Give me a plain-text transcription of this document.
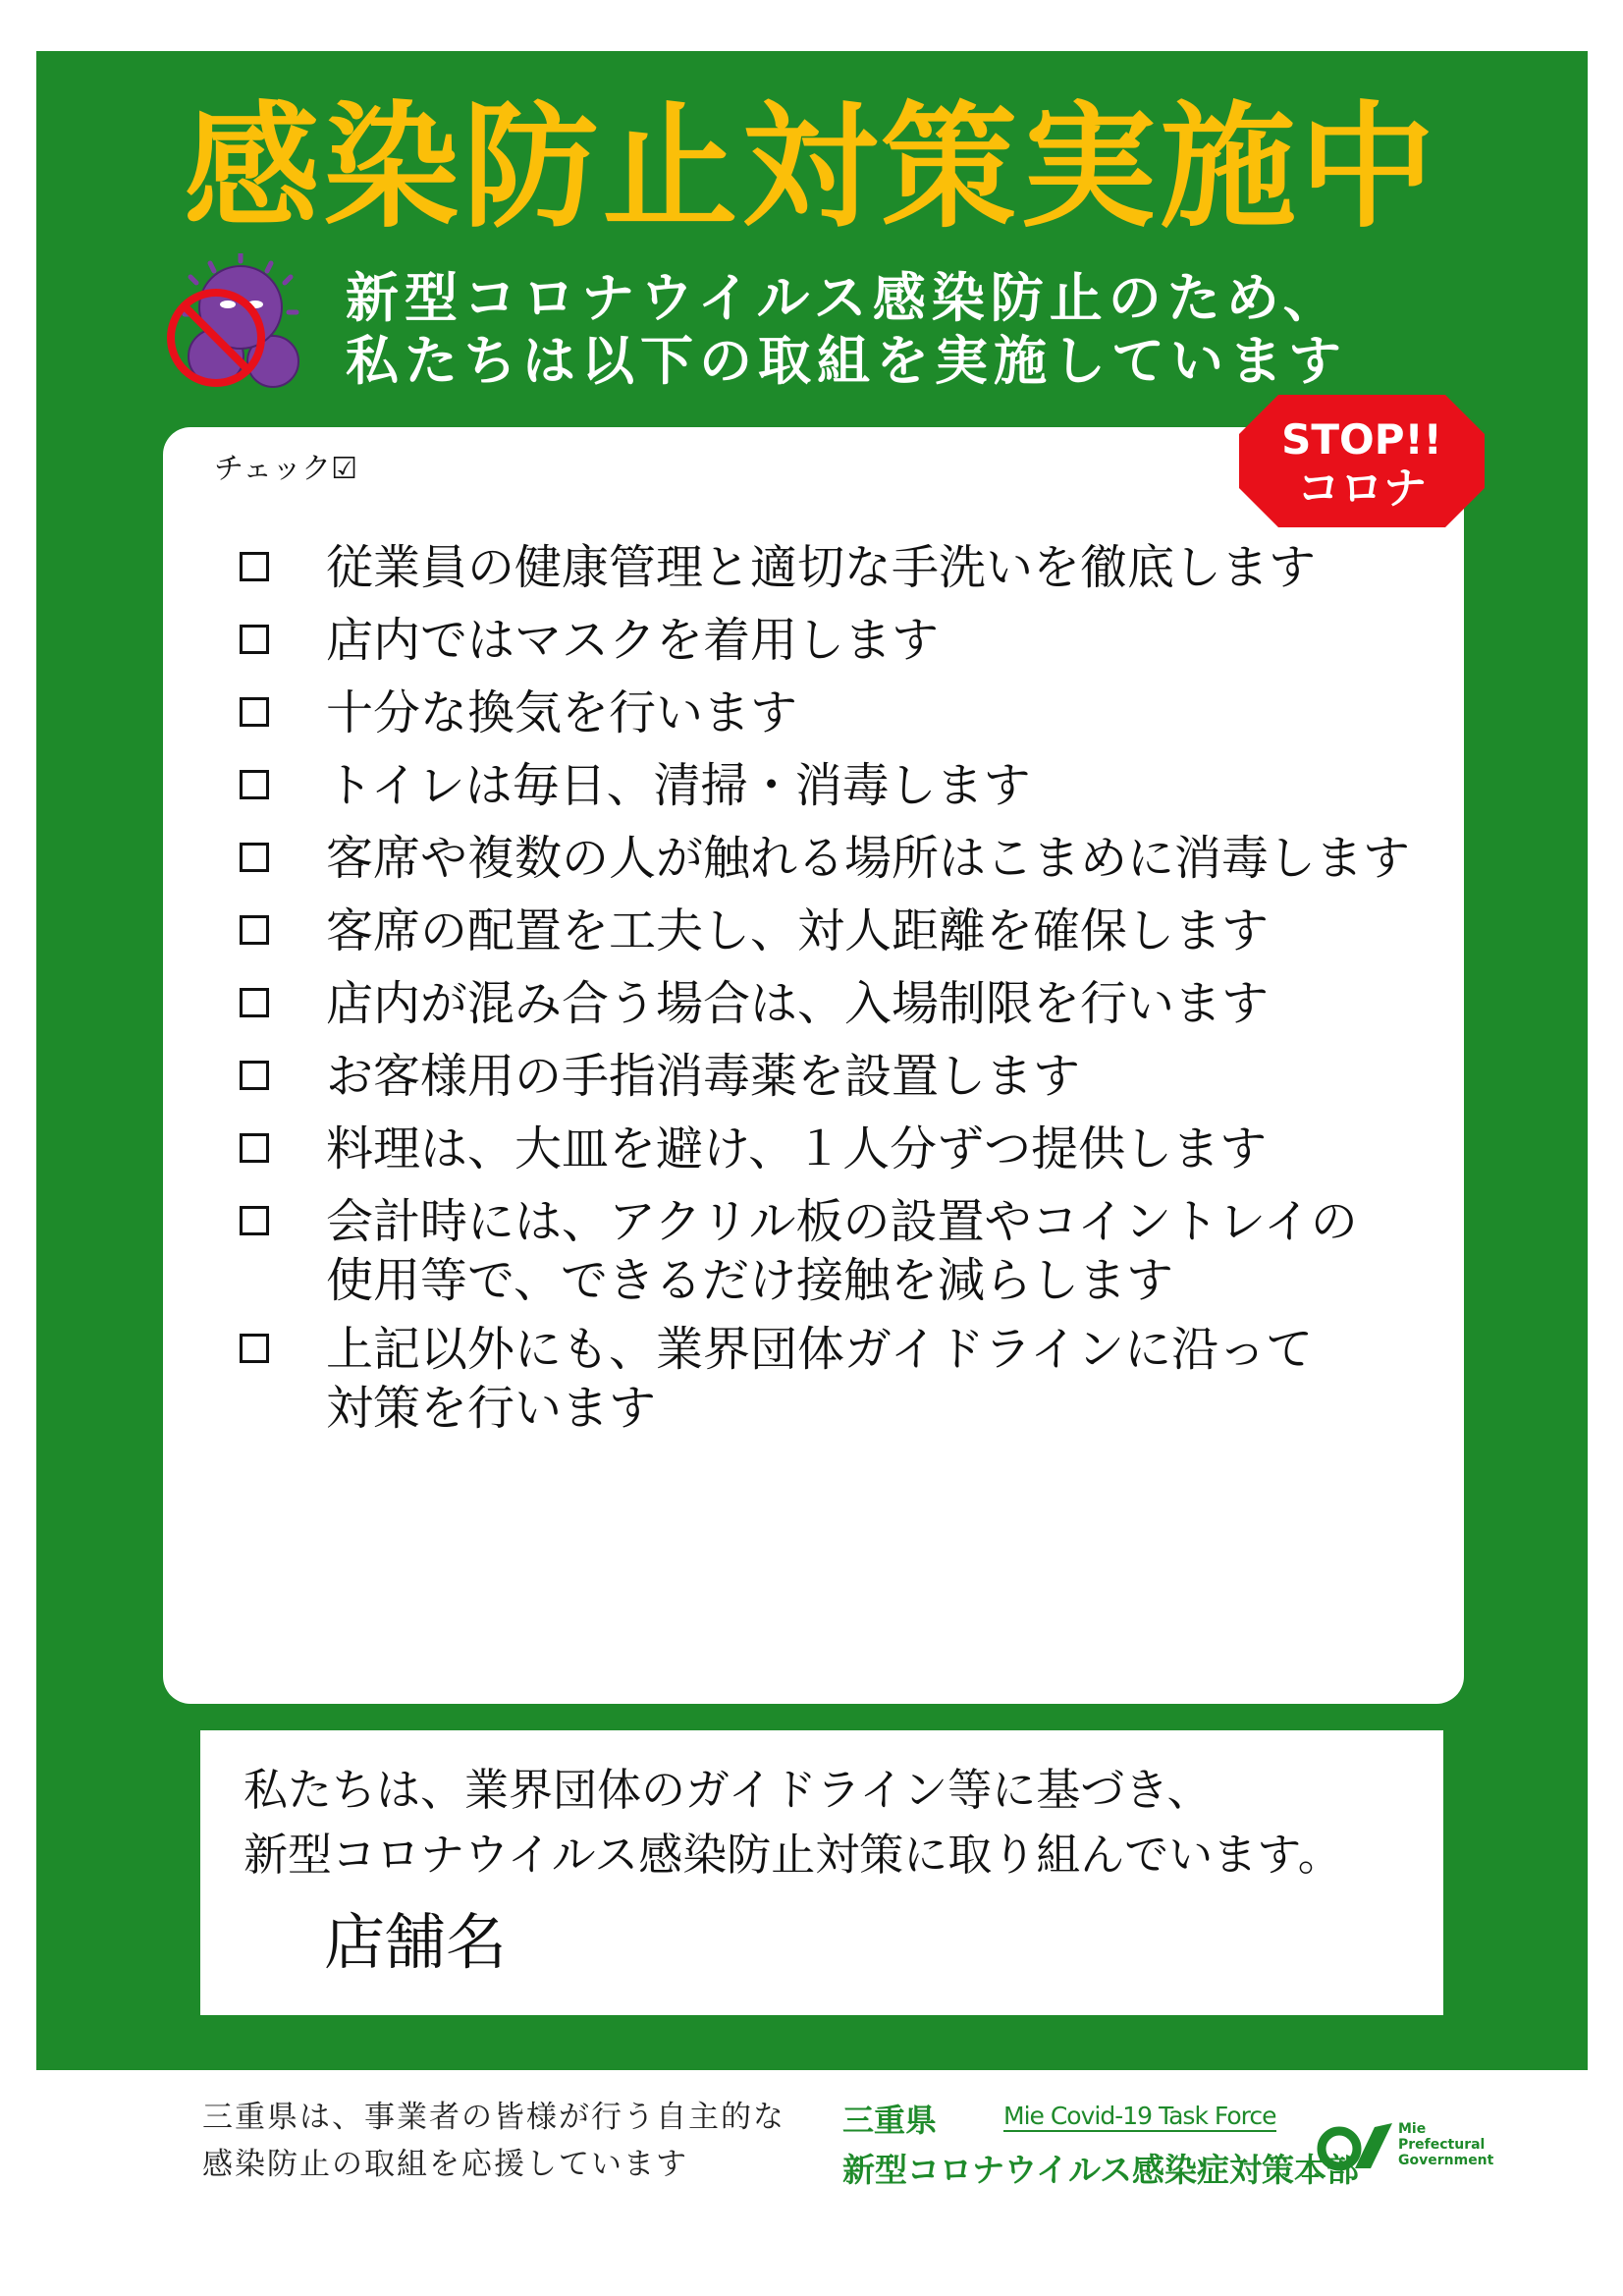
感染防止対策実施中
新型コロナウイルス感染防止のため、
私たちは以下の取組を実施しています
チェック☑
STOP!!
コロナ
従業員の健康管理と適切な手洗いを徹底します
店内ではマスクを着用します
十分な換気を行います
トイレは毎日、清掃・消毒します
客席や複数の人が触れる場所はこまめに消毒します
客席の配置を工夫し、対人距離を確保します
店内が混み合う場合は、入場制限を行います
お客様用の手指消毒薬を設置します
料理は、大皿を避け、１人分ずつ提供します
会計時には、アクリル板の設置やコイントレイの
使用等で、できるだけ接触を減らします
上記以外にも、業界団体ガイドラインに沿って
対策を行います
私たちは、業界団体のガイドライン等に基づき、
新型コロナウイルス感染防止対策に取り組んでいます。
店舗名
三重県は、事業者の皆様が行う自主的な
感染防止の取組を応援しています
三重県	Mie Covid-19 Task Force
新型コロナウイルス感染症対策本部
Mie
Prefectural
Government
